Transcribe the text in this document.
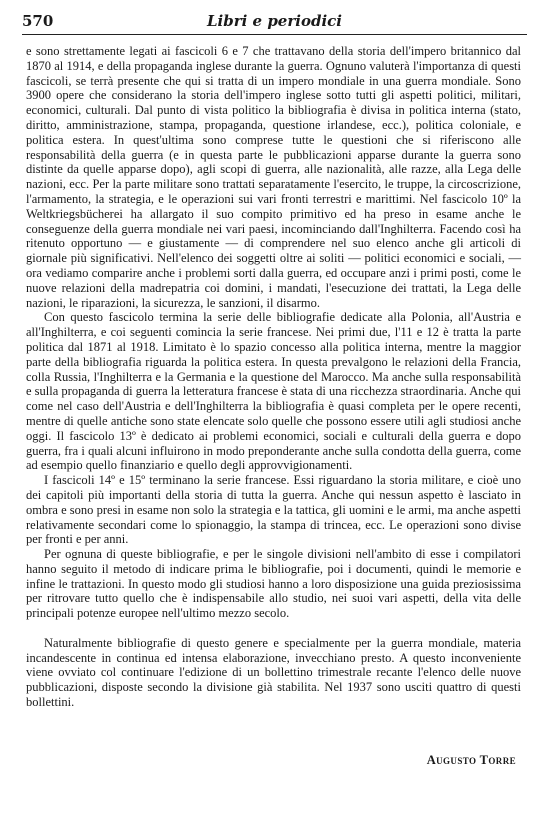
570	Libri e periodici

e sono strettamente legati ai fascicoli 6 e 7 che trattavano della storia dell'impero britannico dal 1870 al 1914, e della propaganda inglese durante la guerra. Ognuno valuterà l'importanza di questi fascicoli, se terrà presente che qui si tratta di un impero mondiale in una guerra mondiale. Sono 3900 opere che considerano la storia dell'impero inglese sotto tutti gli aspetti politici, militari, economici, culturali. Dal punto di vista politico la bibliografia è divisa in politica interna (stato, diritto, amministrazione, stampa, propaganda, questione irlandese, ecc.), politica coloniale, e politica estera. In quest'ultima sono comprese tutte le questioni che si riferiscono alle responsabilità della guerra (e in questa parte le pubblicazioni apparse durante la guerra sono distinte da quelle apparse dopo), agli scopi di guerra, alle nazionalità, alle razze, alla Lega delle nazioni, ecc. Per la parte militare sono trattati separatamente l'esercito, le truppe, la circoscrizione, l'armamento, la strategia, e le operazioni sui vari fronti terrestri e marittimi. Nel fascicolo 10º la Weltkriegsbücherei ha allargato il suo compito primitivo ed ha preso in esame anche le conseguenze della guerra mondiale nei vari paesi, incominciando dall'Inghilterra. Facendo così ha ritenuto opportuno — e giustamente — di comprendere nel suo elenco anche gli articoli di giornale più significativi. Nell'elenco dei soggetti oltre ai soliti — politici economici e sociali, — ora vediamo comparire anche i problemi sorti dalla guerra, ed occupare anzi i primi posti, come le nuove relazioni della madrepatria coi domini, i mandati, l'esecuzione dei trattati, la Lega delle nazioni, le riparazioni, la sicurezza, le sanzioni, il disarmo.

Con questo fascicolo termina la serie delle bibliografie dedicate alla Polonia, all'Austria e all'Inghilterra, e coi seguenti comincia la serie francese. Nei primi due, l'11 e 12 è tratta la parte politica dal 1871 al 1918. Limitato è lo spazio concesso alla politica interna, mentre la maggior parte della bibliografia riguarda la politica estera. In questa prevalgono le relazioni della Francia, colla Russia, l'Inghilterra e la Germania e la questione del Marocco. Ma anche sulla responsabilità e sulla propaganda di guerra la letteratura francese è stata di una ricchezza straordinaria. Anche qui come nel caso dell'Austria e dell'Inghilterra la bibliografia è quasi completa per le opere recenti, mentre di quelle antiche sono state elencate solo quelle che possono essere utili agli studiosi anche oggi. Il fascicolo 13º è dedicato ai problemi economici, sociali e culturali della guerra e dopo guerra, fra i quali alcuni influirono in modo preponderante anche sulla condotta della guerra, come ad esempio quello finanziario e quello degli approvvigionamenti.

I fascicoli 14º e 15º terminano la serie francese. Essi riguardano la storia militare, e cioè uno dei capitoli più importanti della storia di tutta la guerra. Anche qui nessun aspetto è lasciato in ombra e sono presi in esame non solo la strategia e la tattica, gli uomini e le armi, ma anche aspetti relativamente secondari come lo spionaggio, la stampa di trincea, ecc. Le operazioni sono divise per fronti e per anni.

Per ognuna di queste bibliografie, e per le singole divisioni nell'ambito di esse i compilatori hanno seguito il metodo di indicare prima le bibliografie, poi i documenti, quindi le memorie e infine le trattazioni. In questo modo gli studiosi hanno a loro disposizione una guida preziosissima per ritrovare tutto quello che è indispensabile allo studio, nei suoi vari aspetti, della vita delle principali potenze europee nell'ultimo mezzo secolo.

Naturalmente bibliografie di questo genere e specialmente per la guerra mondiale, materia incandescente in continua ed intensa elaborazione, invecchiano presto. A questo inconveniente viene ovviato col continuare l'edizione di un bollettino trimestrale recante l'elenco delle nuove pubblicazioni, disposte secondo la divisione già stabilita. Nel 1937 sono usciti quattro di questi bollettini.

Augusto Torre
